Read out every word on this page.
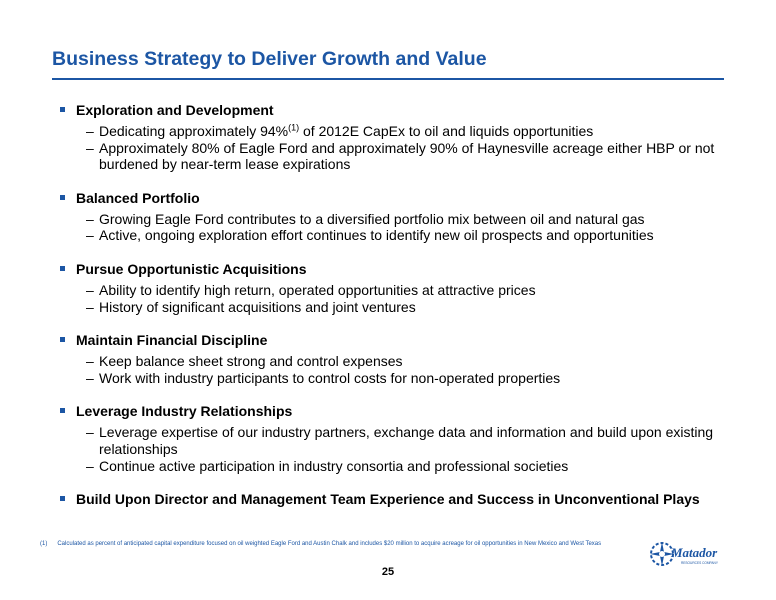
Business Strategy to Deliver Growth and Value
Exploration and Development
– Dedicating approximately 94%$^{(1)}$ of 2012E CapEx to oil and liquids opportunities
– Approximately 80% of Eagle Ford and approximately 90% of Haynesville acreage either HBP or not burdened by near-term lease expirations
Balanced Portfolio
– Growing Eagle Ford contributes to a diversified portfolio mix between oil and natural gas
– Active, ongoing exploration effort continues to identify new oil prospects and opportunities
Pursue Opportunistic Acquisitions
– Ability to identify high return, operated opportunities at attractive prices
– History of significant acquisitions and joint ventures
Maintain Financial Discipline
– Keep balance sheet strong and control expenses
– Work with industry participants to control costs for non-operated properties
Leverage Industry Relationships
– Leverage expertise of our industry partners, exchange data and information and build upon existing relationships
– Continue active participation in industry consortia and professional societies
Build Upon Director and Management Team Experience and Success in Unconventional Plays
(1) Calculated as percent of anticipated capital expenditure focused on oil weighted Eagle Ford and Austin Chalk and includes $20 million to acquire acreage for oil opportunities in New Mexico and West Texas
25
Matador
RESOURCES COMPANY
